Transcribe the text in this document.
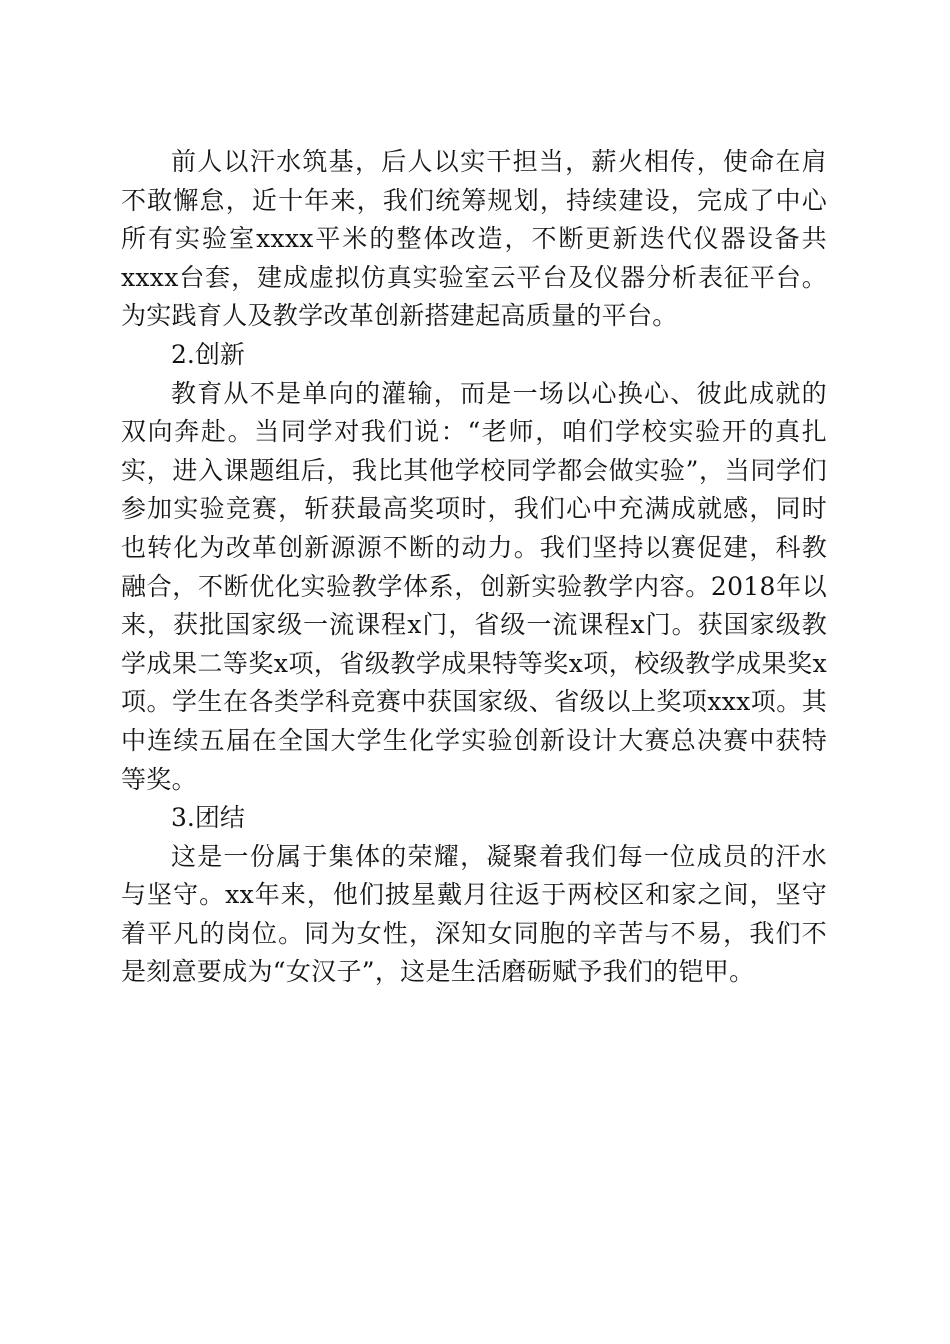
前人以汗水筑基，后人以实干担当，薪火相传，使命在肩不敢懈怠，近十年来，我们统筹规划，持续建设，完成了中心所有实验室xxxx平米的整体改造，不断更新迭代仪器设备共xxxx台套，建成虚拟仿真实验室云平台及仪器分析表征平台。为实践育人及教学改革创新搭建起高质量的平台。

2.创新

教育从不是单向的灌输，而是一场以心换心、彼此成就的双向奔赴。当同学对我们说：“老师，咱们学校实验开的真扎实，进入课题组后，我比其他学校同学都会做实验”，当同学们参加实验竞赛，斩获最高奖项时，我们心中充满成就感，同时也转化为改革创新源源不断的动力。我们坚持以赛促建，科教融合，不断优化实验教学体系，创新实验教学内容。2018年以来，获批国家级一流课程x门，省级一流课程x门。获国家级教学成果二等奖x项，省级教学成果特等奖x项，校级教学成果奖x项。学生在各类学科竞赛中获国家级、省级以上奖项xxx项。其中连续五届在全国大学生化学实验创新设计大赛总决赛中获特等奖。

3.团结

这是一份属于集体的荣耀，凝聚着我们每一位成员的汗水与坚守。xx年来，他们披星戴月往返于两校区和家之间，坚守着平凡的岗位。同为女性，深知女同胞的辛苦与不易，我们不是刻意要成为“女汉子”，这是生活磨砺赋予我们的铠甲。
